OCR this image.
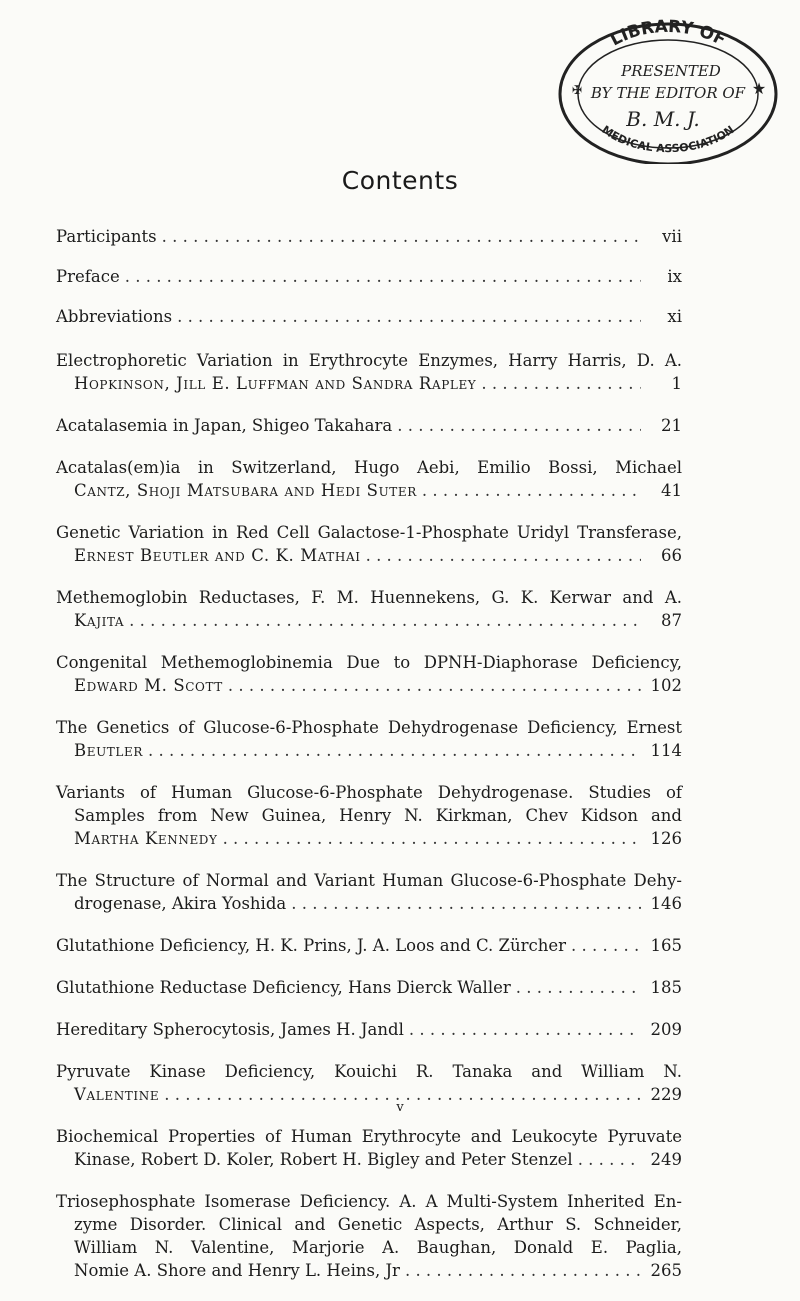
LIBRARY OF
MEDICAL ASSOCIATION
PRESENTED
BY THE EDITOR OF
B. M. J.
★
✠
Contents
Participants . . .	vii
Preface . . .	ix
Abbreviations . . .	xi
Electrophoretic Variation in Erythrocyte Enzymes, Harry Harris, D. A.
Hopkinson, Jill E. Luffman and Sandra Rapley . . .	1
Acatalasemia in Japan, Shigeo Takahara . . .	21
Acatalas(em)ia in Switzerland, Hugo Aebi, Emilio Bossi, Michael
Cantz, Shoji Matsubara and Hedi Suter . . .	41
Genetic Variation in Red Cell Galactose-1-Phosphate Uridyl Transferase,
Ernest Beutler and C. K. Mathai . . .	66
Methemoglobin Reductases, F. M. Huennekens, G. K. Kerwar and A.
Kajita . . .	87
Congenital Methemoglobinemia Due to DPNH-Diaphorase Deficiency,
Edward M. Scott . . .	102
The Genetics of Glucose-6-Phosphate Dehydrogenase Deficiency, Ernest
Beutler . . .	114
Variants of Human Glucose-6-Phosphate Dehydrogenase. Studies of
Samples from New Guinea, Henry N. Kirkman, Chev Kidson and
Martha Kennedy . . .	126
The Structure of Normal and Variant Human Glucose-6-Phosphate Dehy-
drogenase, Akira Yoshida . . .	146
Glutathione Deficiency, H. K. Prins, J. A. Loos and C. Zürcher . . .	165
Glutathione Reductase Deficiency, Hans Dierck Waller . . .	185
Hereditary Spherocytosis, James H. Jandl . . .	209
Pyruvate Kinase Deficiency, Kouichi R. Tanaka and William N.
Valentine . . .	229
Biochemical Properties of Human Erythrocyte and Leukocyte Pyruvate
Kinase, Robert D. Koler, Robert H. Bigley and Peter Stenzel . . .	249
Triosephosphate Isomerase Deficiency. A. A Multi-System Inherited En-
zyme Disorder. Clinical and Genetic Aspects, Arthur S. Schneider,
William N. Valentine, Marjorie A. Baughan, Donald E. Paglia,
Nomie A. Shore and Henry L. Heins, Jr . . .	265
v
